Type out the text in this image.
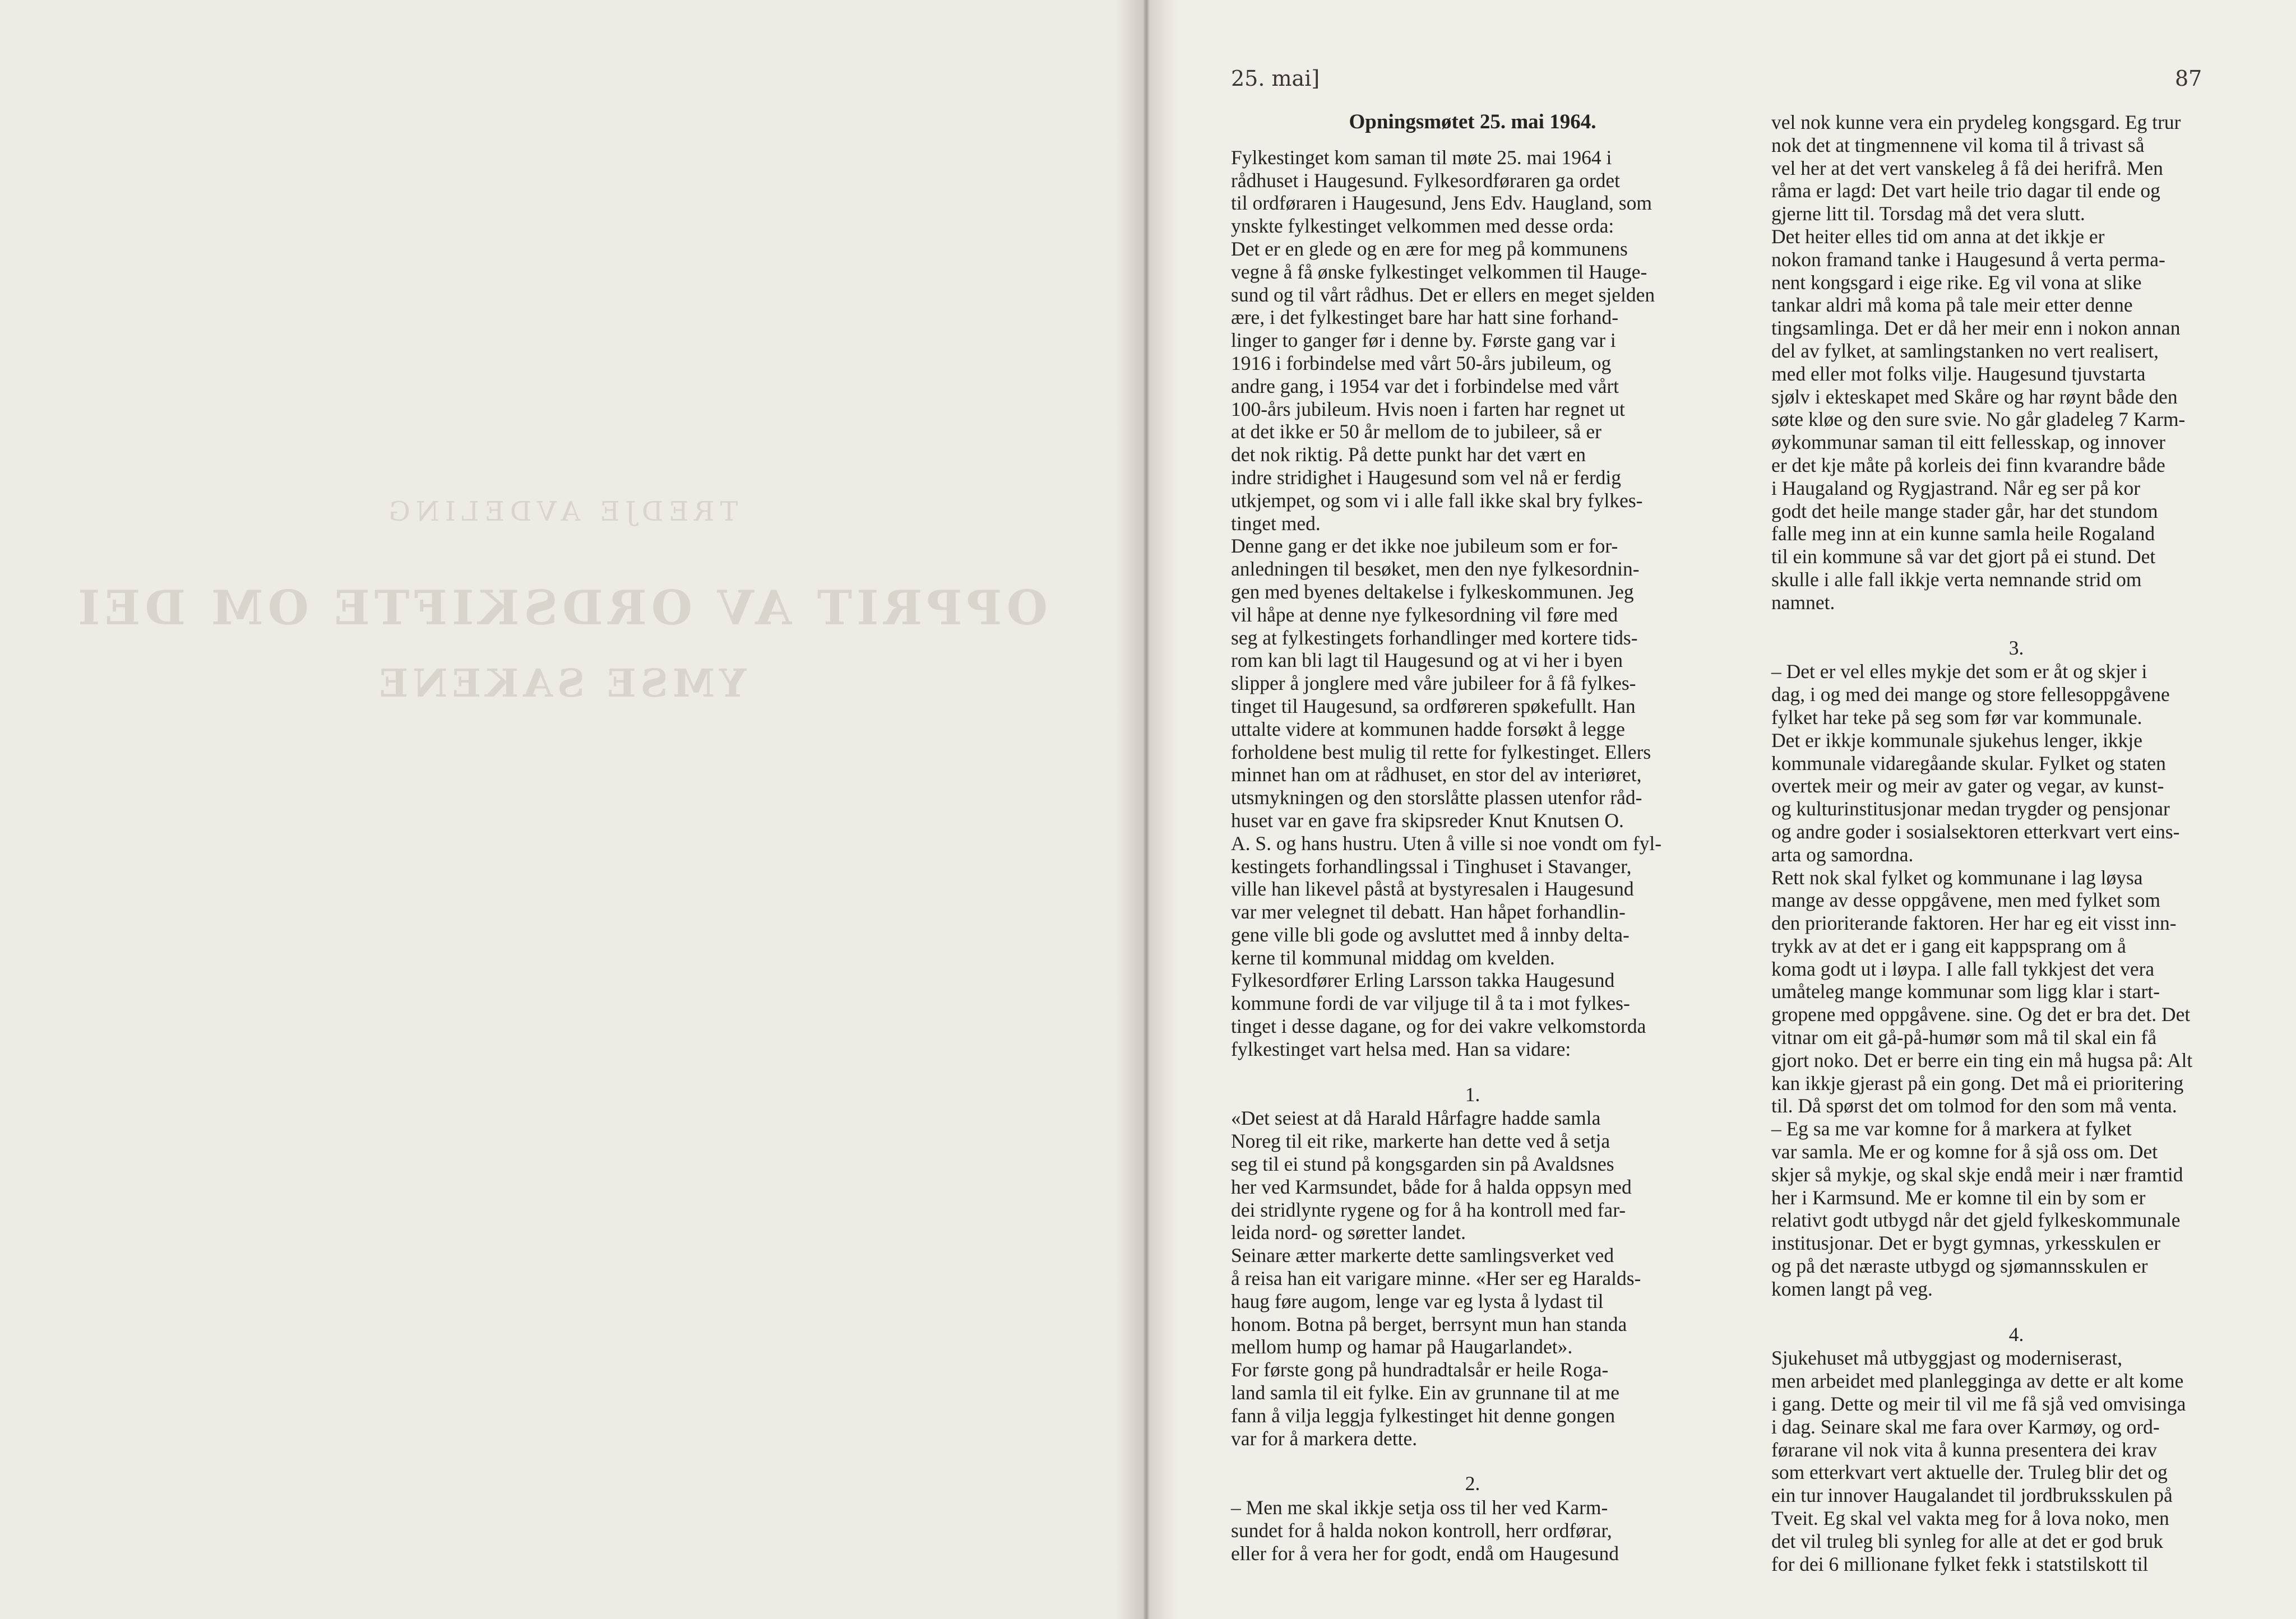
TREDJE AVDELING
OPPRIT AV ORDSKIFTE OM DEI
YMSE SAKENE
25. mai]	87
Opningsmøtet 25. mai 1964.
Fylkestinget kom saman til møte 25. mai 1964 i
rådhuset i Haugesund. Fylkesordføraren ga ordet
til ordføraren i Haugesund, Jens Edv. Haugland, som
ynskte fylkestinget velkommen med desse orda:
Det er en glede og en ære for meg på kommunens
vegne å få ønske fylkestinget velkommen til Hauge-
sund og til vårt rådhus. Det er ellers en meget sjelden
ære, i det fylkestinget bare har hatt sine forhand-
linger to ganger før i denne by. Første gang var i
1916 i forbindelse med vårt 50-års jubileum, og
andre gang, i 1954 var det i forbindelse med vårt
100-års jubileum. Hvis noen i farten har regnet ut
at det ikke er 50 år mellom de to jubileer, så er
det nok riktig. På dette punkt har det vært en
indre stridighet i Haugesund som vel nå er ferdig
utkjempet, og som vi i alle fall ikke skal bry fylkes-
tinget med.
Denne gang er det ikke noe jubileum som er for-
anledningen til besøket, men den nye fylkesordnin-
gen med byenes deltakelse i fylkeskommunen. Jeg
vil håpe at denne nye fylkesordning vil føre med
seg at fylkestingets forhandlinger med kortere tids-
rom kan bli lagt til Haugesund og at vi her i byen
slipper å jonglere med våre jubileer for å få fylkes-
tinget til Haugesund, sa ordføreren spøkefullt. Han
uttalte videre at kommunen hadde forsøkt å legge
forholdene best mulig til rette for fylkestinget. Ellers
minnet han om at rådhuset, en stor del av interiøret,
utsmykningen og den storslåtte plassen utenfor råd-
huset var en gave fra skipsreder Knut Knutsen O.
A. S. og hans hustru. Uten å ville si noe vondt om fyl-
kestingets forhandlingssal i Tinghuset i Stavanger,
ville han likevel påstå at bystyresalen i Haugesund
var mer velegnet til debatt. Han håpet forhandlin-
gene ville bli gode og avsluttet med å innby delta-
kerne til kommunal middag om kvelden.
Fylkesordfører Erling Larsson takka Haugesund
kommune fordi de var viljuge til å ta i mot fylkes-
tinget i desse dagane, og for dei vakre velkomstorda
fylkestinget vart helsa med. Han sa vidare:
1.
«Det seiest at då Harald Hårfagre hadde samla
Noreg til eit rike, markerte han dette ved å setja
seg til ei stund på kongsgarden sin på Avaldsnes
her ved Karmsundet, både for å halda oppsyn med
dei stridlynte rygene og for å ha kontroll med far-
leida nord- og søretter landet.
Seinare ætter markerte dette samlingsverket ved
å reisa han eit varigare minne. «Her ser eg Haralds-
haug føre augom, lenge var eg lysta å lydast til
honom. Botna på berget, berrsynt mun han standa
mellom hump og hamar på Haugarlandet».
For første gong på hundradtalsår er heile Roga-
land samla til eit fylke. Ein av grunnane til at me
fann å vilja leggja fylkestinget hit denne gongen
var for å markera dette.
2.
– Men me skal ikkje setja oss til her ved Karm-
sundet for å halda nokon kontroll, herr ordførar,
eller for å vera her for godt, endå om Haugesund
vel nok kunne vera ein prydeleg kongsgard. Eg trur
nok det at tingmennene vil koma til å trivast så
vel her at det vert vanskeleg å få dei herifrå. Men
råma er lagd: Det vart heile trio dagar til ende og
gjerne litt til. Torsdag må det vera slutt.
Det heiter elles tid om anna at det ikkje er
nokon framand tanke i Haugesund å verta perma-
nent kongsgard i eige rike. Eg vil vona at slike
tankar aldri må koma på tale meir etter denne
tingsamlinga. Det er då her meir enn i nokon annan
del av fylket, at samlingstanken no vert realisert,
med eller mot folks vilje. Haugesund tjuvstarta
sjølv i ekteskapet med Skåre og har røynt både den
søte kløe og den sure svie. No går gladeleg 7 Karm-
øykommunar saman til eitt fellesskap, og innover
er det kje måte på korleis dei finn kvarandre både
i Haugaland og Rygjastrand. Når eg ser på kor
godt det heile mange stader går, har det stundom
falle meg inn at ein kunne samla heile Rogaland
til ein kommune så var det gjort på ei stund. Det
skulle i alle fall ikkje verta nemnande strid om
namnet.
3.
– Det er vel elles mykje det som er åt og skjer i
dag, i og med dei mange og store fellesoppgåvene
fylket har teke på seg som før var kommunale.
Det er ikkje kommunale sjukehus lenger, ikkje
kommunale vidaregåande skular. Fylket og staten
overtek meir og meir av gater og vegar, av kunst-
og kulturinstitusjonar medan trygder og pensjonar
og andre goder i sosialsektoren etterkvart vert eins-
arta og samordna.
Rett nok skal fylket og kommunane i lag løysa
mange av desse oppgåvene, men med fylket som
den prioriterande faktoren. Her har eg eit visst inn-
trykk av at det er i gang eit kappsprang om å
koma godt ut i løypa. I alle fall tykkjest det vera
umåteleg mange kommunar som ligg klar i start-
gropene med oppgåvene. sine. Og det er bra det. Det
vitnar om eit gå-på-humør som må til skal ein få
gjort noko. Det er berre ein ting ein må hugsa på: Alt
kan ikkje gjerast på ein gong. Det må ei prioritering
til. Då spørst det om tolmod for den som må venta.
– Eg sa me var komne for å markera at fylket
var samla. Me er og komne for å sjå oss om. Det
skjer så mykje, og skal skje endå meir i nær framtid
her i Karmsund. Me er komne til ein by som er
relativt godt utbygd når det gjeld fylkeskommunale
institusjonar. Det er bygt gymnas, yrkesskulen er
og på det næraste utbygd og sjømannsskulen er
komen langt på veg.
4.
Sjukehuset må utbyggjast og moderniserast,
men arbeidet med planlegginga av dette er alt kome
i gang. Dette og meir til vil me få sjå ved omvisinga
i dag. Seinare skal me fara over Karmøy, og ord-
førarane vil nok vita å kunna presentera dei krav
som etterkvart vert aktuelle der. Truleg blir det og
ein tur innover Haugalandet til jordbruksskulen på
Tveit. Eg skal vel vakta meg for å lova noko, men
det vil truleg bli synleg for alle at det er god bruk
for dei 6 millionane fylket fekk i statstilskott til
